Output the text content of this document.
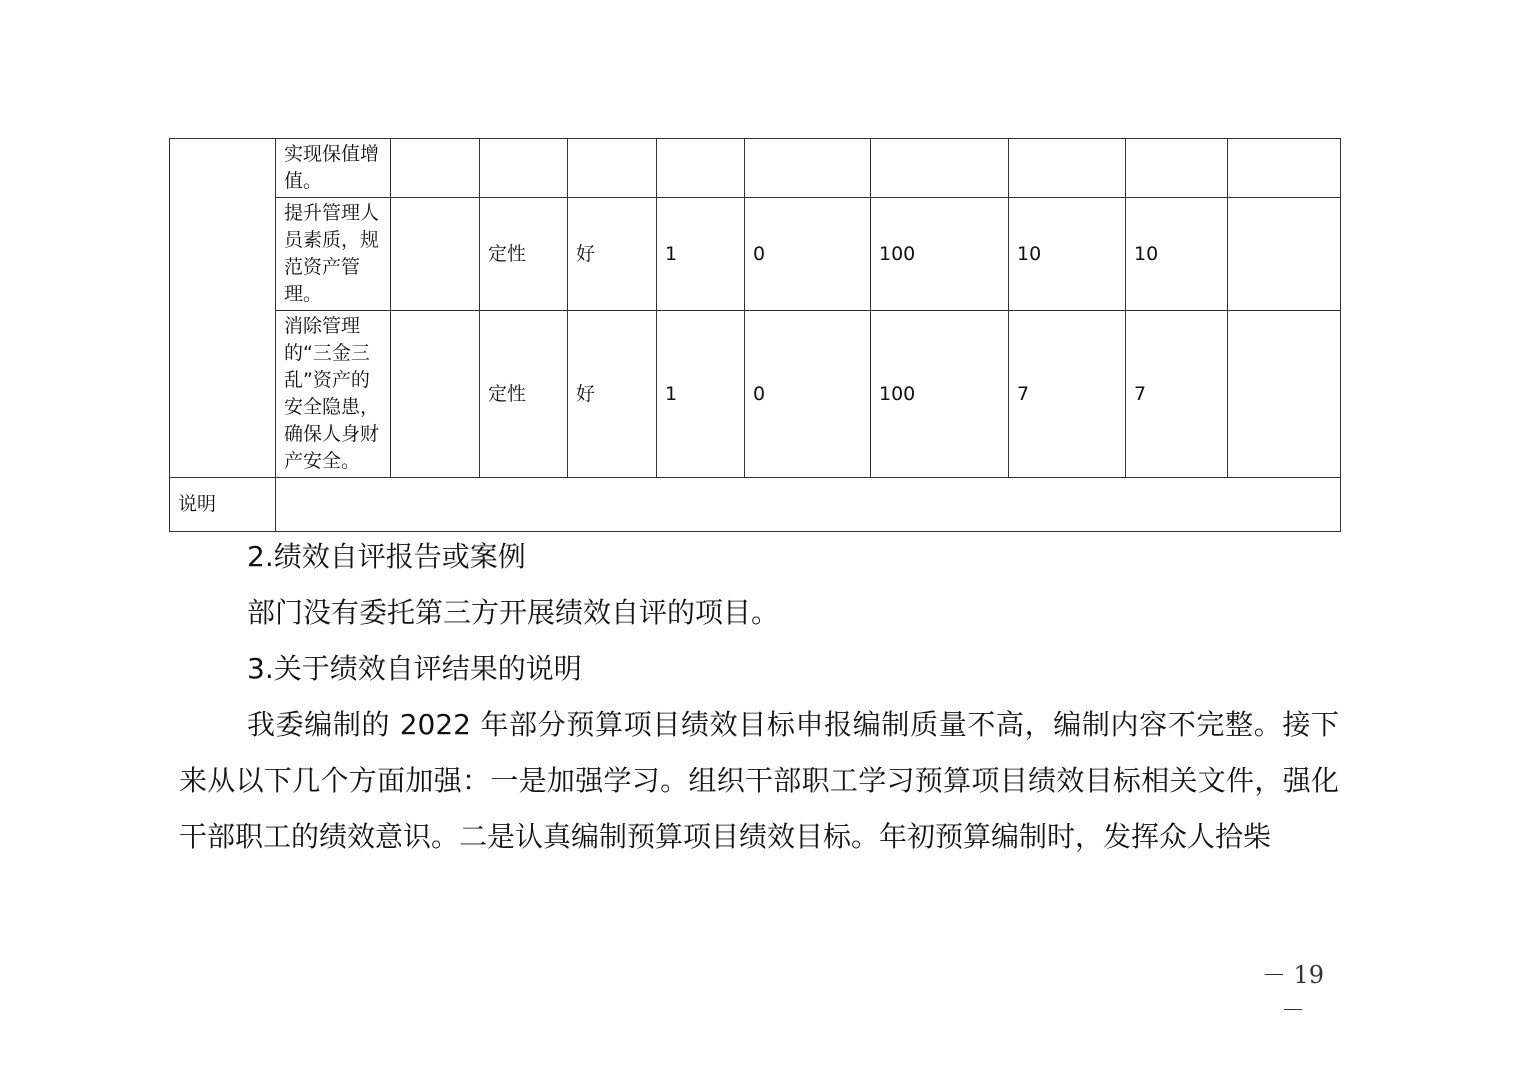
	实现保值增值。									
	提升管理人员素质，规范资产管理。		定性	好	1	0	100	10	10	
	消除管理的“三金三乱”资产的安全隐患，确保人身财产安全。		定性	好	1	0	100	7	7	
说明										

2.绩效自评报告或案例

部门没有委托第三方开展绩效自评的项目。

3.关于绩效自评结果的说明

我委编制的 2022 年部分预算项目绩效目标申报编制质量不高，编制内容不完整。接下来从以下几个方面加强：一是加强学习。组织干部职工学习预算项目绩效目标相关文件，强化干部职工的绩效意识。二是认真编制预算项目绩效目标。年初预算编制时，发挥众人拾柴

－ 19 －
